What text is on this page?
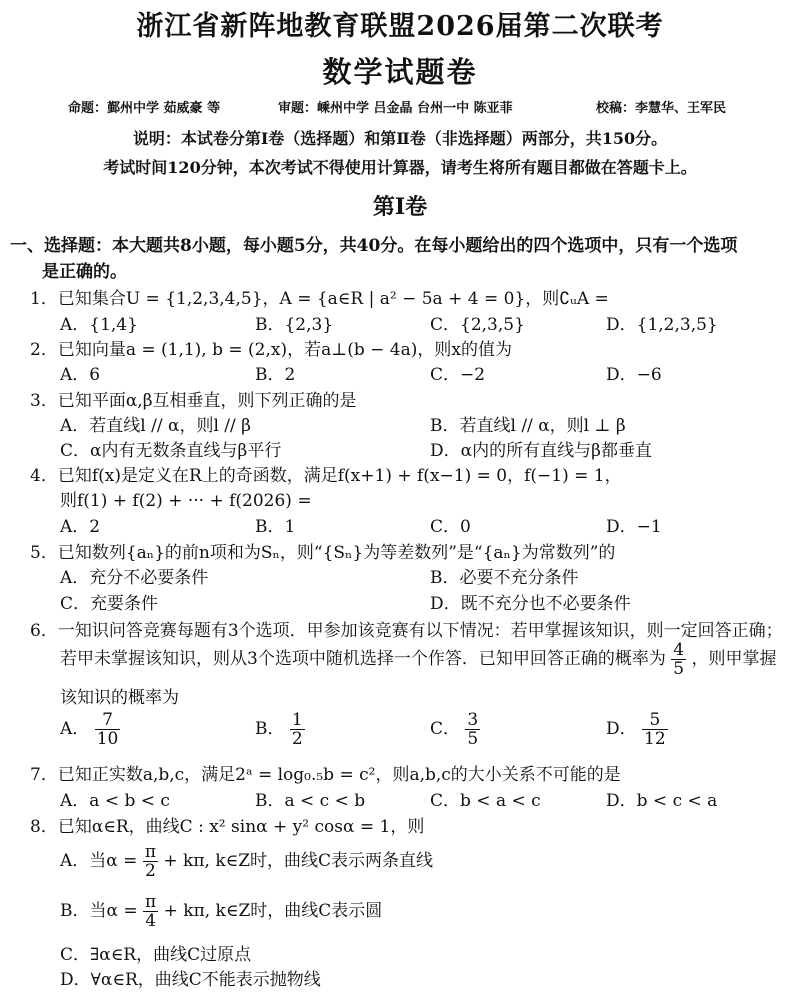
浙江省新阵地教育联盟2026届第二次联考
数学试题卷
命题：鄞州中学 茹威豪 等	审题：嵊州中学 吕金晶 台州一中 陈亚菲	校稿：李慧华、王军民
说明：本试卷分第Ⅰ卷（选择题）和第Ⅱ卷（非选择题）两部分，共150分。
考试时间120分钟，本次考试不得使用计算器，请考生将所有题目都做在答题卡上。
第Ⅰ卷
一、选择题：本大题共8小题，每小题5分，共40分。在每小题给出的四个选项中，只有一个选项
是正确的。
1．已知集合U = {1,2,3,4,5}，A = {a∈R | a² − 5a + 4 = 0}，则∁ᵤA =
A．{1,4}	B．{2,3}	C．{2,3,5}	D．{1,2,3,5}
2．已知向量a = (1,1), b = (2,x)，若a⊥(b − 4a)，则x的值为
A．6	B．2	C．−2	D．−6
3．已知平面α,β互相垂直，则下列正确的是
A．若直线l // α，则l // β	B．若直线l // α，则l ⊥ β
C．α内有无数条直线与β平行	D．α内的所有直线与β都垂直
4．已知f(x)是定义在R上的奇函数，满足f(x+1) + f(x−1) = 0，f(−1) = 1，
则f(1) + f(2) + ··· + f(2026) =
A．2	B．1	C．0	D．−1
5．已知数列{aₙ}的前n项和为Sₙ，则“{Sₙ}为等差数列”是“{aₙ}为常数列”的
A．充分不必要条件	B．必要不充分条件
C．充要条件	D．既不充分也不必要条件
6．一知识问答竞赛每题有3个选项．甲参加该竞赛有以下情况：若甲掌握该知识，则一定回答正确；
若甲未掌握该知识，则从3个选项中随机选择一个作答．已知甲回答正确的概率为 $\frac{4}{5}$ ，则甲掌握
该知识的概率为
A． $\frac{7}{10}$	B． $\frac{1}{2}$	C． $\frac{3}{5}$	D． $\frac{5}{12}$
7．已知正实数a,b,c，满足2ᵃ = log₀.₅b = c²，则a,b,c的大小关系不可能的是
A．a < b < c	B．a < c < b	C．b < a < c	D．b < c < a
8．已知α∈R，曲线C : x² sinα + y² cosα = 1，则
A．当$\alpha = \frac{\pi}{2} + k\pi$, k∈Z时，曲线C表示两条直线
B．当$\alpha = \frac{\pi}{4} + k\pi$, k∈Z时，曲线C表示圆
C．∃α∈R，曲线C过原点
D．∀α∈R，曲线C不能表示抛物线
